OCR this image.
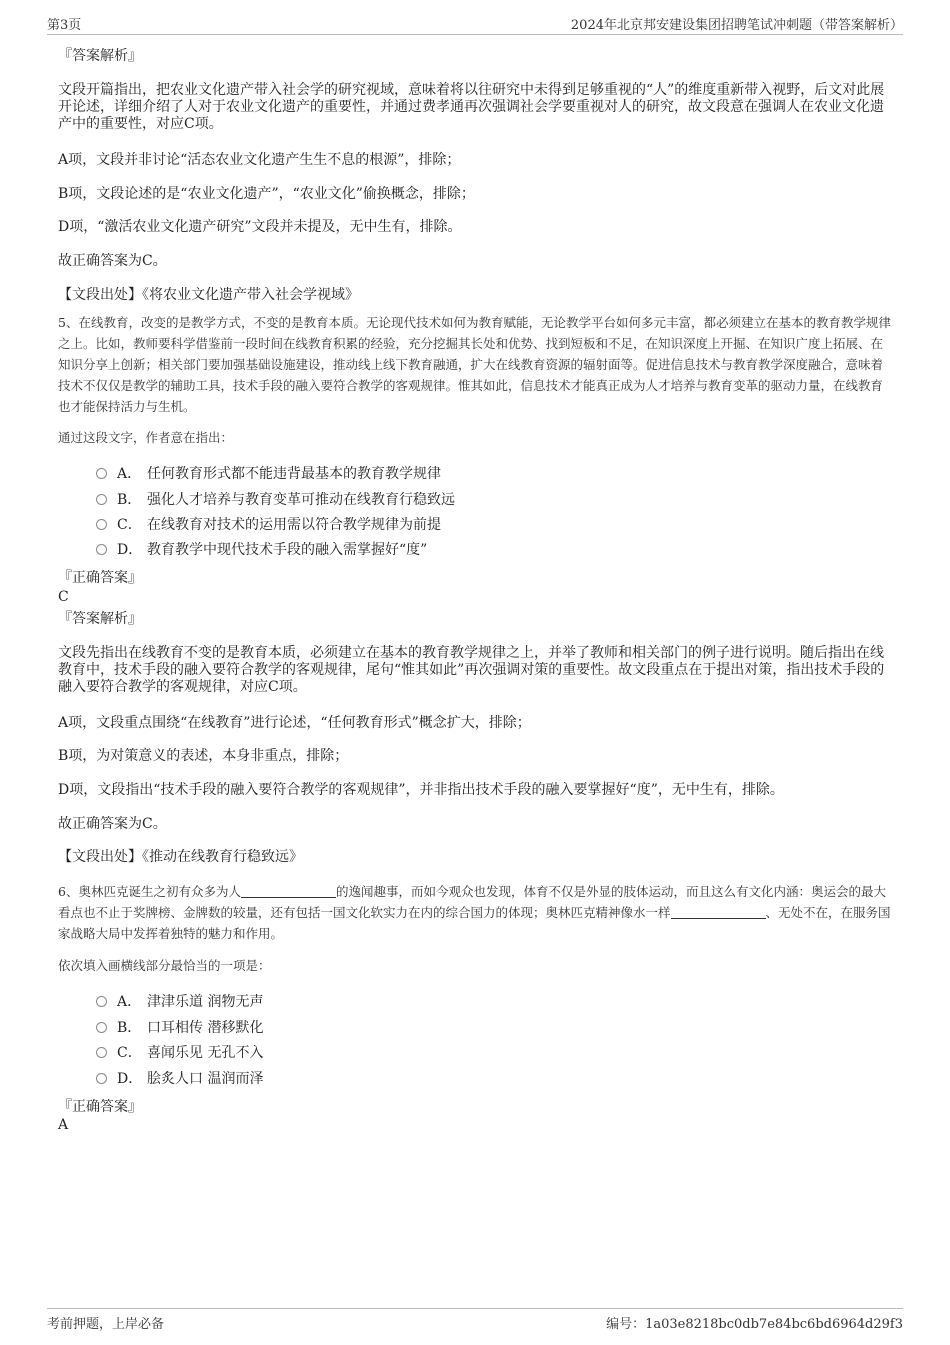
第3页	2024年北京邦安建设集团招聘笔试冲刺题（带答案解析）
『答案解析』
文段开篇指出，把农业文化遗产带入社会学的研究视域，意味着将以往研究中未得到足够重视的“人”的维度重新带入视野，后文对此展开论述，详细介绍了人对于农业文化遗产的重要性，并通过费孝通再次强调社会学要重视对人的研究，故文段意在强调人在农业文化遗产中的重要性，对应C项。
A项，文段并非讨论“活态农业文化遗产生生不息的根源”，排除；
B项，文段论述的是“农业文化遗产”，“农业文化”偷换概念，排除；
D项，“激活农业文化遗产研究”文段并未提及，无中生有，排除。
故正确答案为C。
【文段出处】《将农业文化遗产带入社会学视域》
5、在线教育，改变的是教学方式，不变的是教育本质。无论现代技术如何为教育赋能，无论教学平台如何多元丰富，都必须建立在基本的教育教学规律之上。比如，教师要科学借鉴前一段时间在线教育积累的经验，充分挖掘其长处和优势、找到短板和不足，在知识深度上开掘、在知识广度上拓展、在知识分享上创新；相关部门要加强基础设施建设，推动线上线下教育融通，扩大在线教育资源的辐射面等。促进信息技术与教育教学深度融合，意味着技术不仅仅是教学的辅助工具，技术手段的融入要符合教学的客观规律。惟其如此，信息技术才能真正成为人才培养与教育变革的驱动力量，在线教育也才能保持活力与生机。
通过这段文字，作者意在指出：
A． 任何教育形式都不能违背最基本的教育教学规律
B． 强化人才培养与教育变革可推动在线教育行稳致远
C． 在线教育对技术的运用需以符合教学规律为前提
D． 教育教学中现代技术手段的融入需掌握好“度”
『正确答案』
C
『答案解析』
文段先指出在线教育不变的是教育本质，必须建立在基本的教育教学规律之上，并举了教师和相关部门的例子进行说明。随后指出在线教育中，技术手段的融入要符合教学的客观规律，尾句“惟其如此”再次强调对策的重要性。故文段重点在于提出对策，指出技术手段的融入要符合教学的客观规律，对应C项。
A项，文段重点围绕“在线教育”进行论述，“任何教育形式”概念扩大，排除；
B项，为对策意义的表述，本身非重点，排除；
D项，文段指出“技术手段的融入要符合教学的客观规律”，并非指出技术手段的融入要掌握好“度”，无中生有，排除。
故正确答案为C。
【文段出处】《推动在线教育行稳致远》
6、奥林匹克诞生之初有众多为人	的逸闻趣事，而如今观众也发现，体育不仅是外显的肢体运动，而且这么有文化内涵：奥运会的最大看点也不止于奖牌榜、金牌数的较量，还有包括一国文化软实力在内的综合国力的体现；奥林匹克精神像水一样	、无处不在，在服务国家战略大局中发挥着独特的魅力和作用。
依次填入画横线部分最恰当的一项是：
A． 津津乐道 润物无声
B． 口耳相传 潜移默化
C． 喜闻乐见 无孔不入
D． 脍炙人口 温润而泽
『正确答案』
A
考前押题，上岸必备	编号：1a03e8218bc0db7e84bc6bd6964d29f3
